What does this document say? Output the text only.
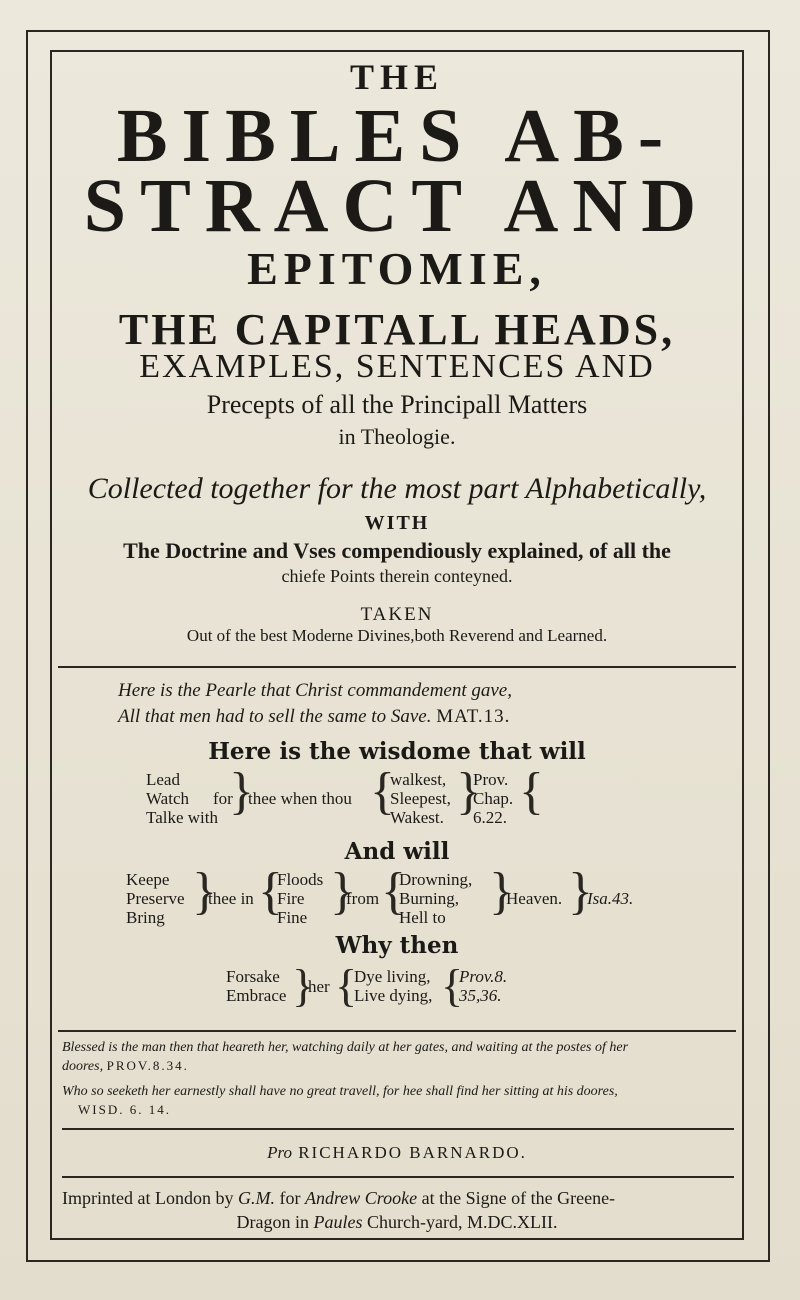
THE
BIBLES AB-
STRACT AND
EPITOMIE,
THE CAPITALL HEADS,
EXAMPLES, SENTENCES AND
Precepts of all the Principall Matters
in Theologie.
Collected together for the most part Alphabetically,
WITH
The Doctrine and Vses compendiously explained, of all the
chiefe Points therein conteyned.
TAKEN
Out of the best Moderne Divines,both Reverend and Learned.
Here is the Pearle that Christ commandement gave,
All that men had to sell the same to Save. MAT.13.
Here is the wisdome that will
Lead
Watch
Talke with
for
}
thee when thou {
walkest,
Sleepest,
Wakest. }
Prov.
Chap.
6.22. {
And will
Keepe
Preserve
Bring }
thee in {
Floods
Fire
Fine }
from {
Drowning,
Burning,
Hell to }
Heaven. }
Isa.43.
Why then
Forsake
Embrace }
her {
Dye living,
Live dying, {
Prov.8.
35,36.
Blessed is the man then that heareth her, watching daily at her gates, and waiting at the postes of her
doores, PROV.8.34.
Who so seeketh her earnestly shall have no great travell, for hee shall find her sitting at his doores,
WISD. 6. 14.
Pro RICHARDO BARNARDO.
Imprinted at London by G.M. for Andrew Crooke at the Signe of the Greene-
Dragon in Paules Church-yard, M.DC.XLII.
